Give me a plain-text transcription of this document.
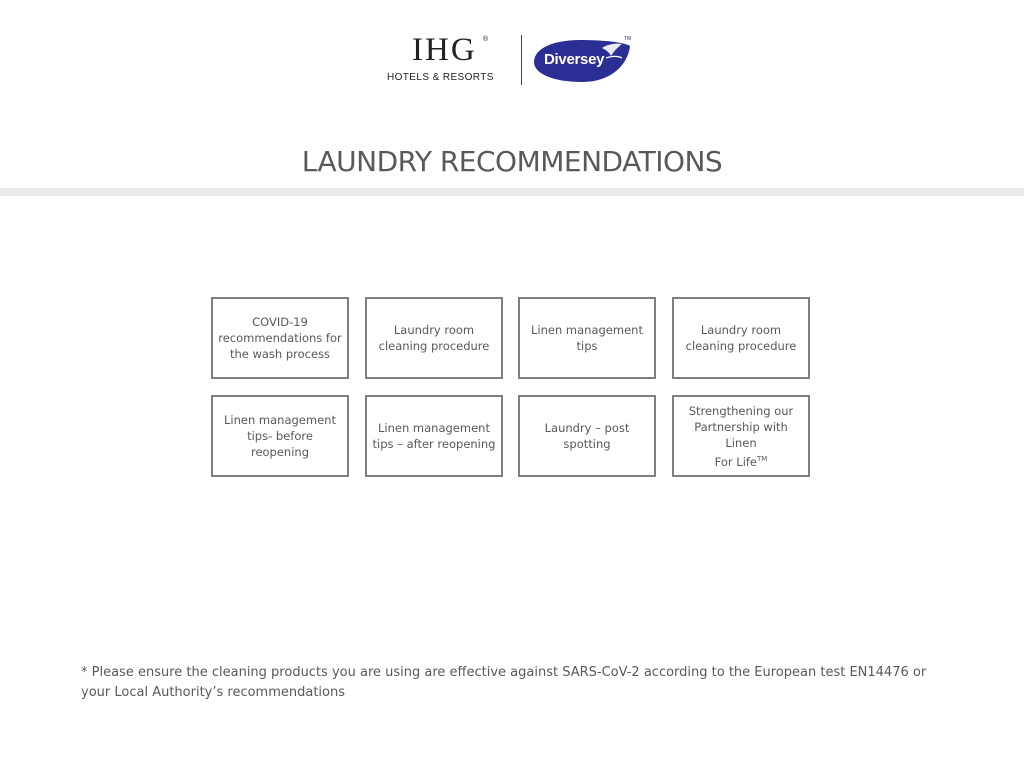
IHG ®
HOTELS & RESORTS
TM
Diversey
LAUNDRY RECOMMENDATIONS
COVID-19
recommendations for
the wash process
Laundry room
cleaning procedure
Linen management
tips
Laundry room
cleaning procedure
Linen management
tips- before reopening
Linen management
tips – after reopening
Laundry – post
spotting
Strengthening our
Partnership with Linen
For Life™
* Please ensure the cleaning products you are using are effective against SARS-CoV-2 according to the European test EN14476 or your Local Authority’s recommendations
